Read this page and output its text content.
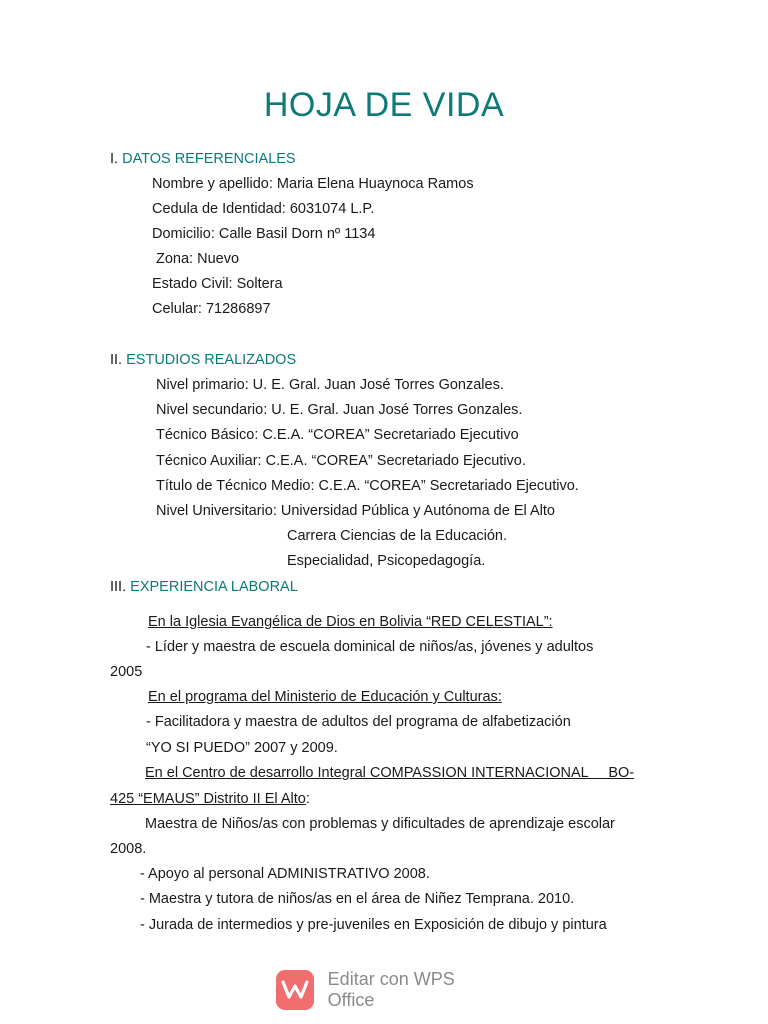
HOJA DE VIDA
I. DATOS REFERENCIALES
Nombre y apellido: Maria Elena Huaynoca Ramos
Cedula de Identidad: 6031074 L.P.
Domicilio: Calle Basil Dorn nº 1134
Zona: Nuevo
Estado Civil: Soltera
Celular: 71286897
II. ESTUDIOS REALIZADOS
Nivel primario: U. E. Gral. Juan José Torres Gonzales.
Nivel secundario: U. E. Gral. Juan José Torres Gonzales.
Técnico Básico: C.E.A. “COREA” Secretariado Ejecutivo
Técnico Auxiliar: C.E.A. “COREA” Secretariado Ejecutivo.
Título de Técnico Medio: C.E.A. “COREA” Secretariado Ejecutivo.
Nivel Universitario: Universidad Pública y Autónoma de El Alto
Carrera Ciencias de la Educación.
Especialidad, Psicopedagogía.
III. EXPERIENCIA LABORAL
En la Iglesia Evangélica de Dios en Bolivia “RED CELESTIAL”:
- Líder y maestra de escuela dominical de niños/as, jóvenes y adultos
2005
En el programa del Ministerio de Educación y Culturas:
- Facilitadora y maestra de adultos del programa de alfabetización
“YO SI PUEDO” 2007 y 2009.
En el Centro de desarrollo Integral COMPASSION INTERNACIONAL     BO-
425 “EMAUS” Distrito II El Alto:
Maestra de Niños/as con problemas y dificultades de aprendizaje escolar
2008.
- Apoyo al personal ADMINISTRATIVO 2008.
- Maestra y tutora de niños/as en el área de Niñez Temprana. 2010.
- Jurada de intermedios y pre-juveniles en Exposición de dibujo y pintura
Editar con WPS Office
